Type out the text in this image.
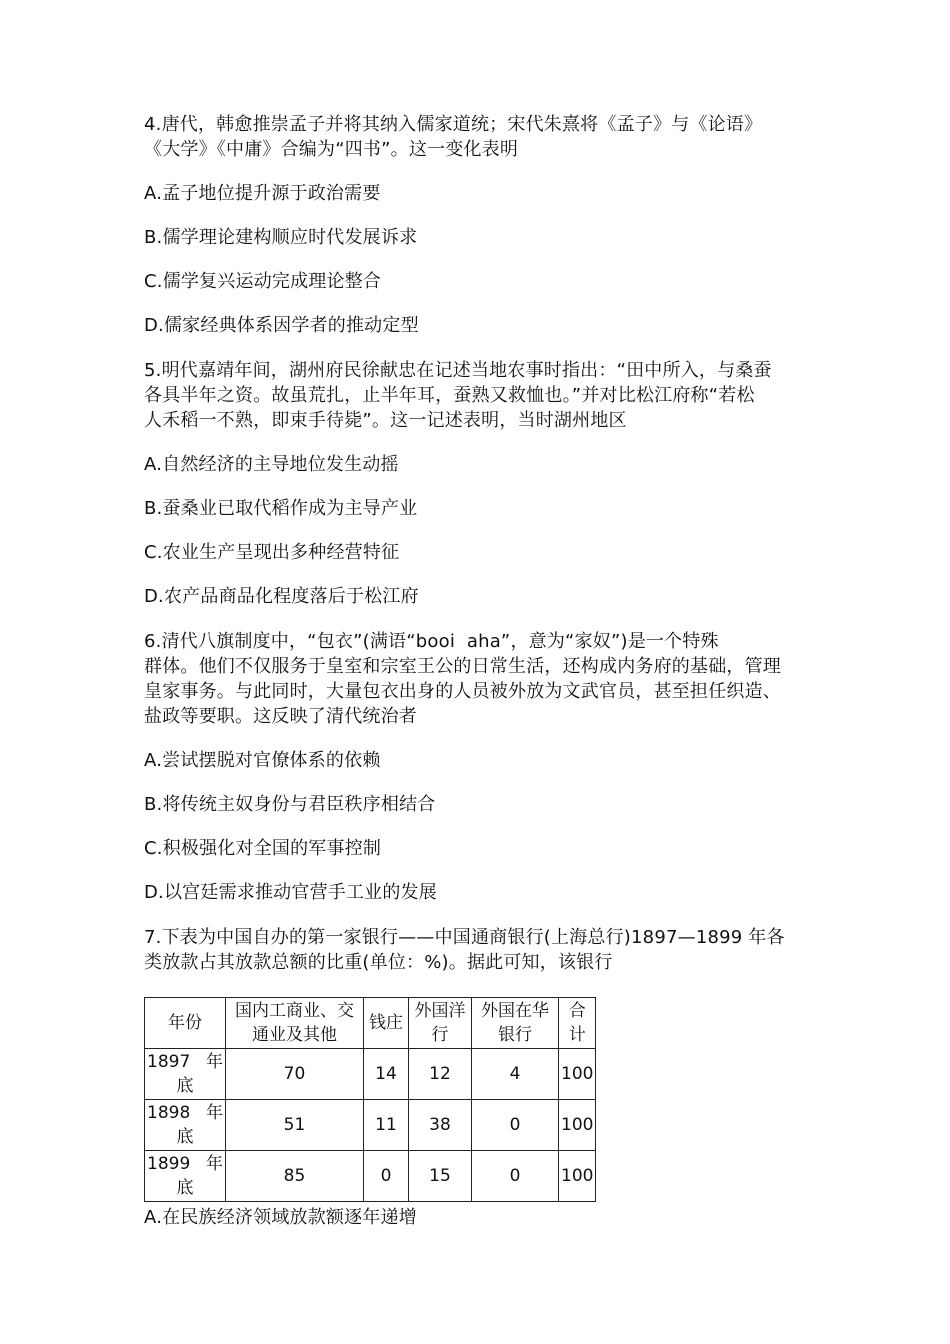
4.唐代，韩愈推崇孟子并将其纳入儒家道统；宋代朱熹将《孟子》与《论语》
《大学》《中庸》合编为“四书”。这一变化表明

A.孟子地位提升源于政治需要

B.儒学理论建构顺应时代发展诉求

C.儒学复兴运动完成理论整合

D.儒家经典体系因学者的推动定型

5.明代嘉靖年间，湖州府民徐献忠在记述当地农事时指出：“田中所入，与桑蚕
各具半年之资。故虽荒扎，止半年耳，蚕熟又救恤也。”并对比松江府称“若松
人禾稻一不熟，即束手待毙”。这一记述表明，当时湖州地区

A.自然经济的主导地位发生动摇

B.蚕桑业已取代稻作成为主导产业

C.农业生产呈现出多种经营特征

D.农产品商品化程度落后于松江府

6.清代八旗制度中，“包衣”(满语“booi  aha”，意为“家奴”)是一个特殊
群体。他们不仅服务于皇室和宗室王公的日常生活，还构成内务府的基础，管理
皇家事务。与此同时，大量包衣出身的人员被外放为文武官员，甚至担任织造、
盐政等要职。这反映了清代统治者

A.尝试摆脱对官僚体系的依赖

B.将传统主奴身份与君臣秩序相结合

C.积极强化对全国的军事控制

D.以宫廷需求推动官营手工业的发展

7.下表为中国自办的第一家银行——中国通商银行(上海总行)1897—1899 年各
类放款占其放款总额的比重(单位：%)。据此可知，该银行

年份	国内工商业、交
通业及其他	钱庄	外国洋
行	外国在华
银行	合
计

1897 年
底	70	14	12	4	100

1898 年
底	51	11	38	0	100

1899 年
底	85	0	15	0	100

A.在民族经济领域放款额逐年递增
